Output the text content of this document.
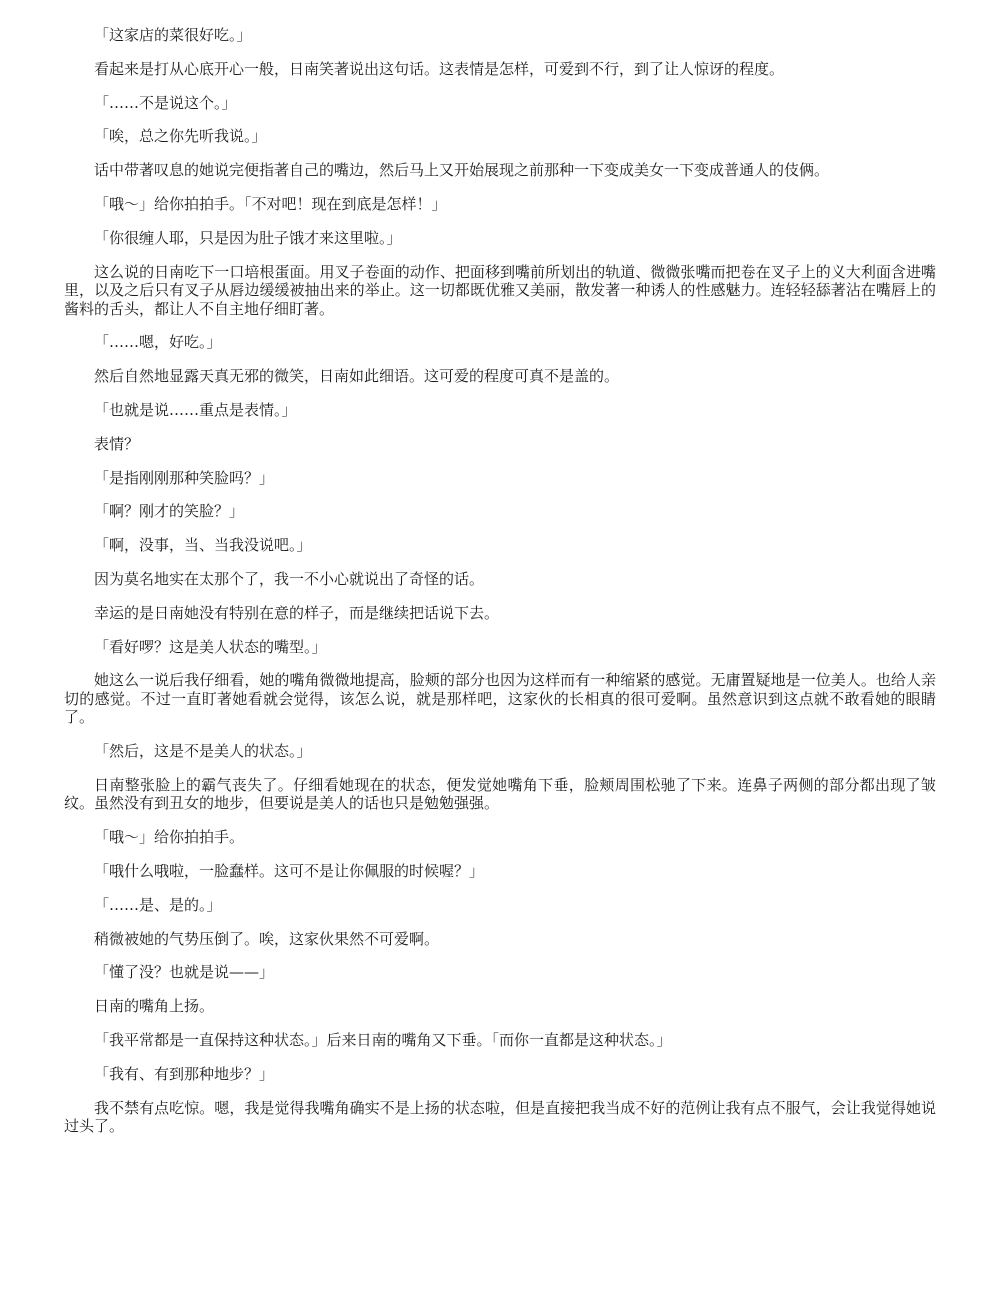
「这家店的菜很好吃。」

看起来是打从心底开心一般，日南笑著说出这句话。这表情是怎样，可爱到不行，到了让人惊讶的程度。

「……不是说这个。」

「唉，总之你先听我说。」

话中带著叹息的她说完便指著自己的嘴边，然后马上又开始展现之前那种一下变成美女一下变成普通人的伎俩。

「哦～」给你拍拍手。「不对吧！现在到底是怎样！」

「你很缠人耶，只是因为肚子饿才来这里啦。」

这么说的日南吃下一口培根蛋面。用叉子卷面的动作、把面移到嘴前所划出的轨道、微微张嘴而把卷在叉子上的义大利面含进嘴里，以及之后只有叉子从唇边缓缓被抽出来的举止。这一切都既优雅又美丽，散发著一种诱人的性感魅力。连轻轻舔著沾在嘴唇上的酱料的舌头，都让人不自主地仔细盯著。

「……嗯，好吃。」

然后自然地显露天真无邪的微笑，日南如此细语。这可爱的程度可真不是盖的。

「也就是说……重点是表情。」

表情？

「是指刚刚那种笑脸吗？」

「啊？刚才的笑脸？」

「啊，没事，当、当我没说吧。」

因为莫名地实在太那个了，我一不小心就说出了奇怪的话。

幸运的是日南她没有特别在意的样子，而是继续把话说下去。

「看好啰？这是美人状态的嘴型。」

她这么一说后我仔细看，她的嘴角微微地提高，脸颊的部分也因为这样而有一种缩紧的感觉。无庸置疑地是一位美人。也给人亲切的感觉。不过一直盯著她看就会觉得，该怎么说，就是那样吧，这家伙的长相真的很可爱啊。虽然意识到这点就不敢看她的眼睛了。

「然后，这是不是美人的状态。」

日南整张脸上的霸气丧失了。仔细看她现在的状态，便发觉她嘴角下垂，脸颊周围松驰了下来。连鼻子两侧的部分都出现了皱纹。虽然没有到丑女的地步，但要说是美人的话也只是勉勉强强。

「哦～」给你拍拍手。

「哦什么哦啦，一脸蠢样。这可不是让你佩服的时候喔？」

「……是、是的。」

稍微被她的气势压倒了。唉，这家伙果然不可爱啊。

「懂了没？也就是说——」

日南的嘴角上扬。

「我平常都是一直保持这种状态。」后来日南的嘴角又下垂。「而你一直都是这种状态。」

「我有、有到那种地步？」

我不禁有点吃惊。嗯，我是觉得我嘴角确实不是上扬的状态啦，但是直接把我当成不好的范例让我有点不服气，会让我觉得她说过头了。
